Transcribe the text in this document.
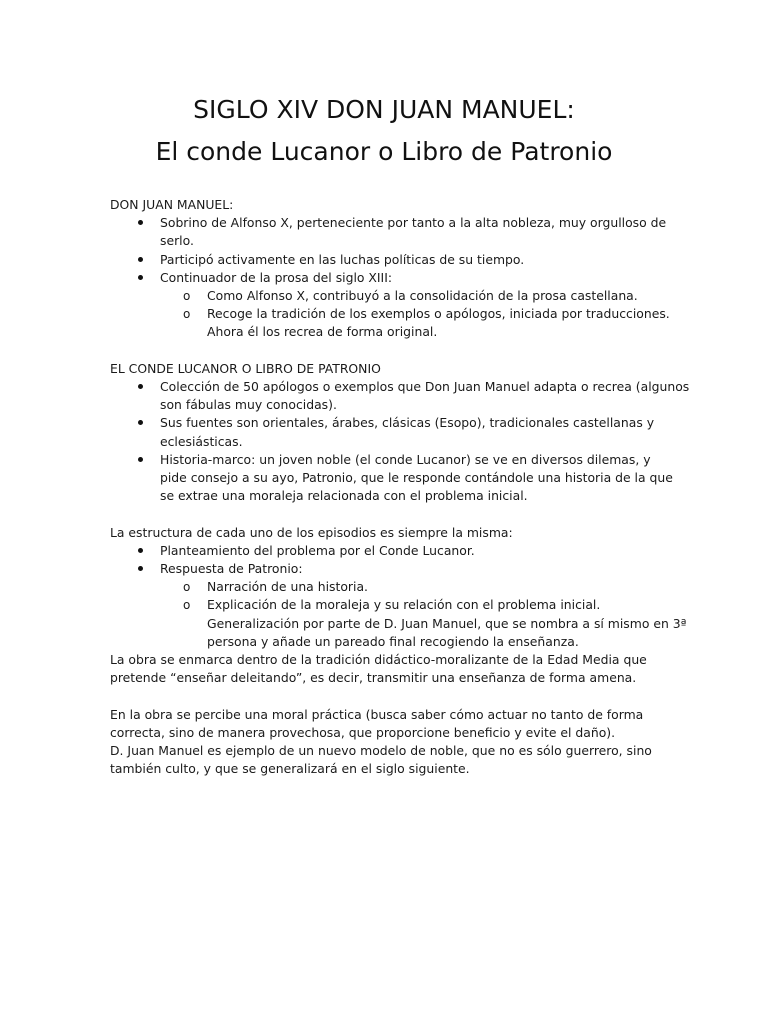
SIGLO XIV DON JUAN MANUEL:
El conde Lucanor o Libro de Patronio
DON JUAN MANUEL:
Sobrino de Alfonso X, perteneciente por tanto a la alta nobleza, muy orgulloso de
serlo.
Participó activamente en las luchas políticas de su tiempo.
Continuador de la prosa del siglo XIII:
o Como Alfonso X, contribuyó a la consolidación de la prosa castellana.
o Recoge la tradición de los exemplos o apólogos, iniciada por traducciones.
Ahora él los recrea de forma original.
EL CONDE LUCANOR O LIBRO DE PATRONIO
Colección de 50 apólogos o exemplos que Don Juan Manuel adapta o recrea (algunos
son fábulas muy conocidas).
Sus fuentes son orientales, árabes, clásicas (Esopo), tradicionales castellanas y
eclesiásticas.
Historia-marco: un joven noble (el conde Lucanor) se ve en diversos dilemas, y
pide consejo a su ayo, Patronio, que le responde contándole una historia de la que
se extrae una moraleja relacionada con el problema inicial.
La estructura de cada uno de los episodios es siempre la misma:
Planteamiento del problema por el Conde Lucanor.
Respuesta de Patronio:
o Narración de una historia.
o Explicación de la moraleja y su relación con el problema inicial.
Generalización por parte de D. Juan Manuel, que se nombra a sí mismo en 3ª
persona y añade un pareado final recogiendo la enseñanza.
La obra se enmarca dentro de la tradición didáctico-moralizante de la Edad Media que
pretende “enseñar deleitando”, es decir, transmitir una enseñanza de forma amena.
En la obra se percibe una moral práctica (busca saber cómo actuar no tanto de forma
correcta, sino de manera provechosa, que proporcione beneficio y evite el daño).
D. Juan Manuel es ejemplo de un nuevo modelo de noble, que no es sólo guerrero, sino
también culto, y que se generalizará en el siglo siguiente.
